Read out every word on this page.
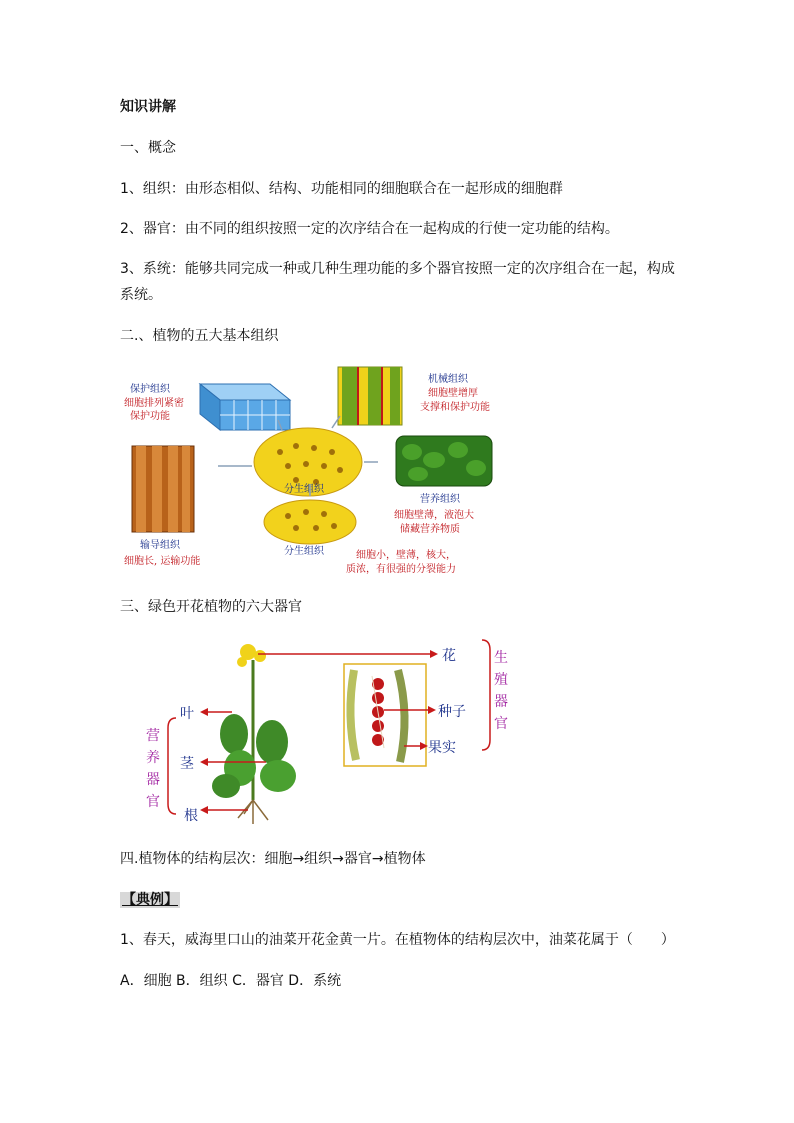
知识讲解
一、概念
1、组织：由形态相似、结构、功能相同的细胞联合在一起形成的细胞群
2、器官：由不同的组织按照一定的次序结合在一起构成的行使一定功能的结构。
3、系统：能够共同完成一种或几种生理功能的多个器官按照一定的次序组合在一起，构成
系统。
二.、植物的五大基本组织
保护组织
细胞排列紧密
保护功能
机械组织
细胞壁增厚
支撑和保护功能
分生组织
分生组织	细胞小，壁薄，核大，
质浓，有很强的分裂能力
输导组织
细胞长, 运输功能
营养组织
细胞壁薄，液泡大
储藏营养物质
三、绿色开花植物的六大器官
花
种子
果实
生
殖
器
官
叶
茎
根
营
养
器
官
四.植物体的结构层次：细胞→组织→器官→植物体
【典例】
1、春天，威海里口山的油菜开花金黄一片。在植物体的结构层次中，油菜花属于（　　）
A．细胞 B．组织 C．器官 D．系统
